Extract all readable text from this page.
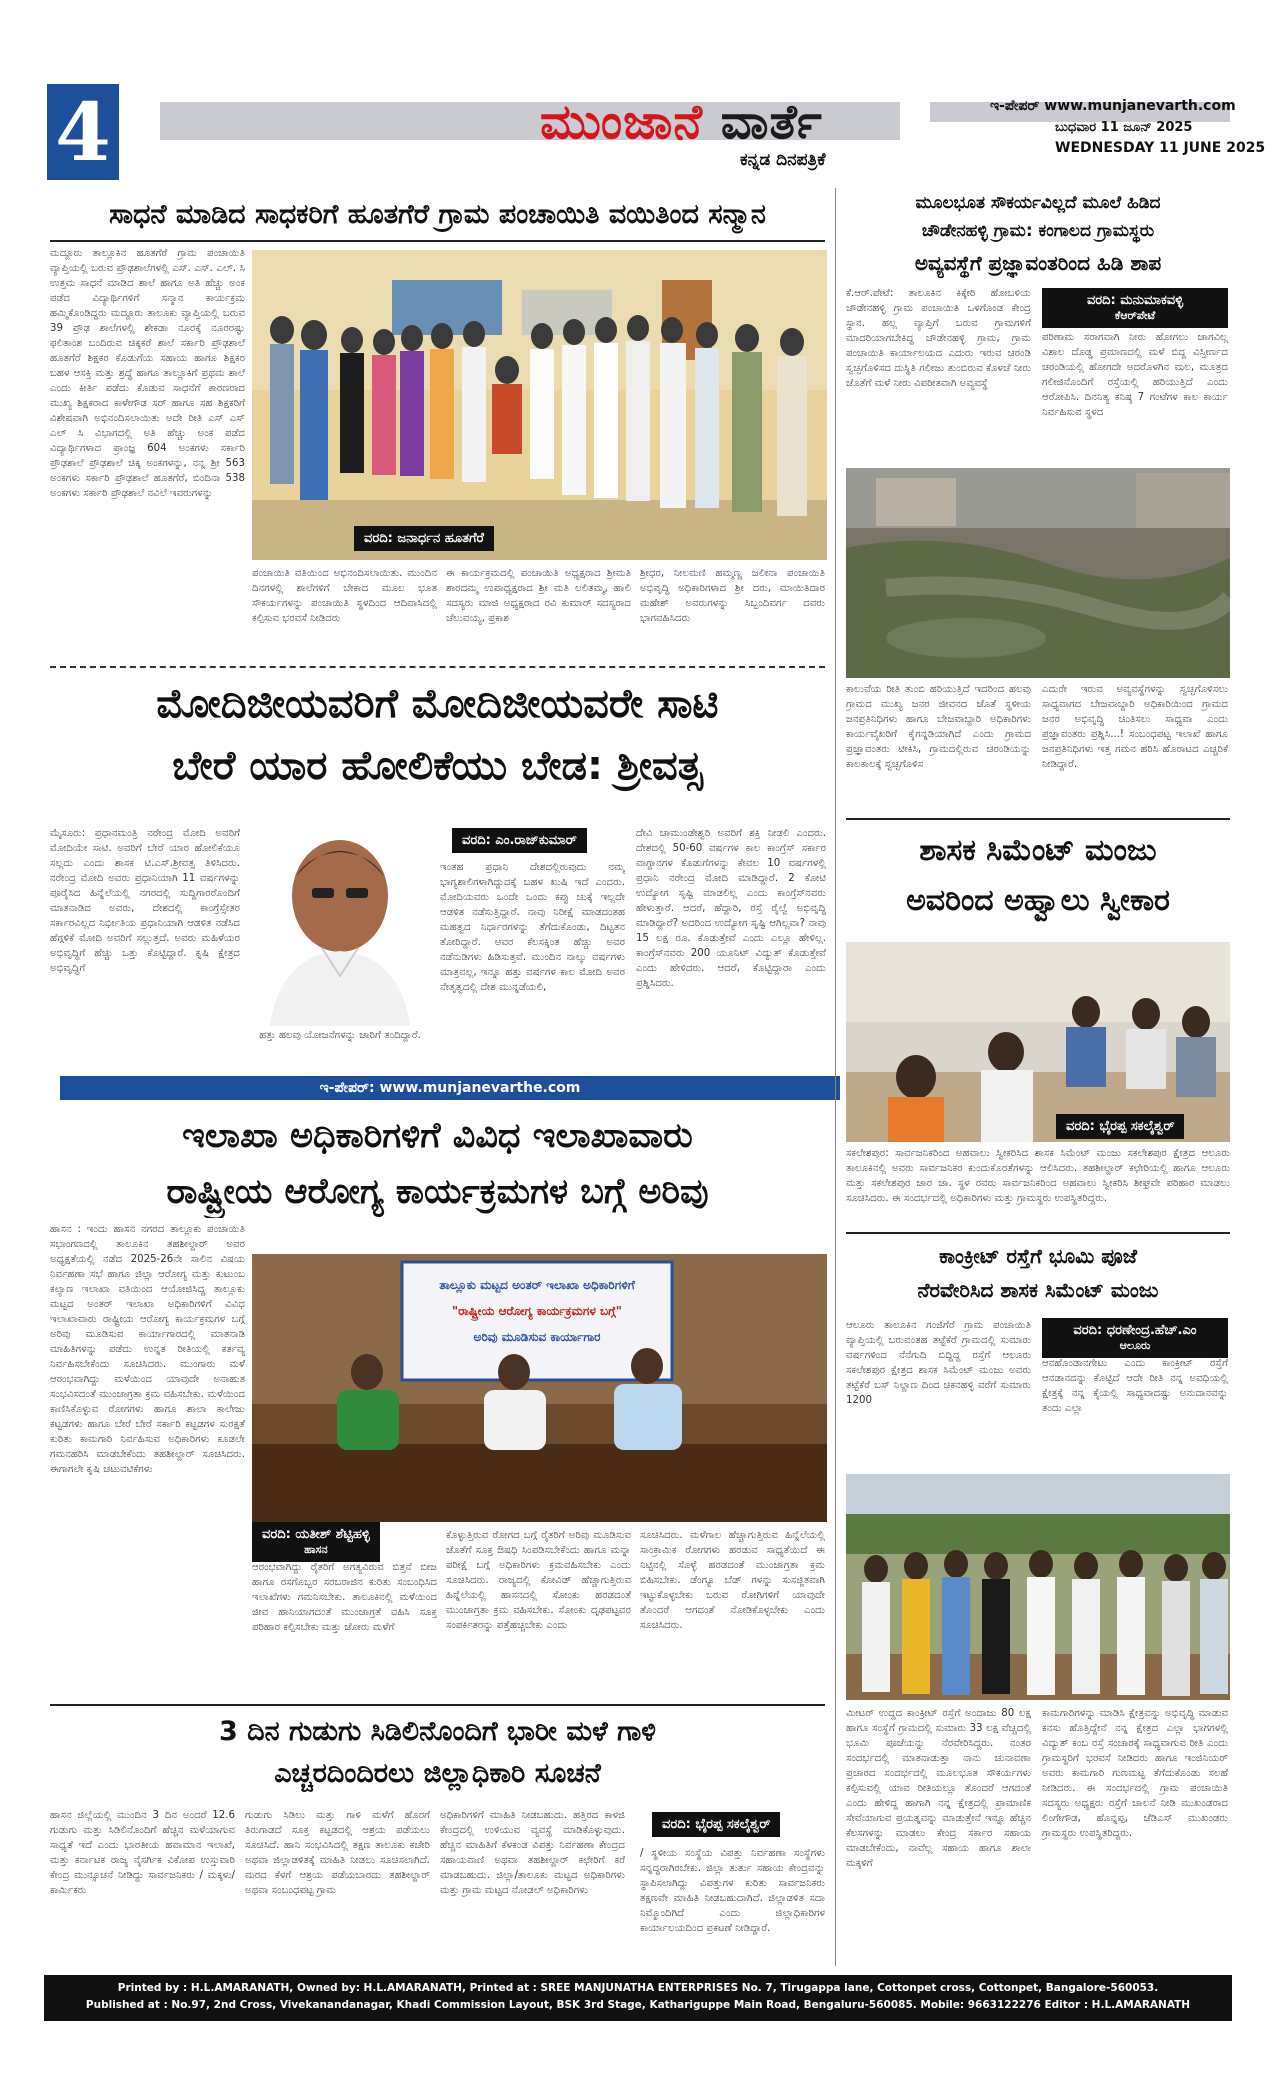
4	ಮುಂಜಾನೆ ವಾರ್ತೆ
ಕನ್ನಡ ದಿನಪತ್ರಿಕೆ
ಇ-ಪೇಪರ್ www.munjanevarth.com
ಬುಧವಾರ 11 ಜೂನ್ 2025
WEDNESDAY 11 JUNE 2025
ಸಾಧನೆ ಮಾಡಿದ ಸಾಧಕರಿಗೆ ಹೂತಗೆರೆ ಗ್ರಾಮ ಪಂಚಾಯಿತಿ ವಯಿತಿಂದ ಸನ್ಮಾನ
ಮದ್ದೂರು ತಾಲ್ಲೂಕಿನ ಹೂತಗೆರೆ ಗ್ರಾಮ ಪಂಚಾಯಿತಿ ವ್ಯಾಪ್ತಿಯಲ್ಲಿ ಬರುವ ಪ್ರೌಢಶಾಲೆಗಳಲ್ಲಿ ಎಸ್. ಎಸ್. ಎಲ್. ಸಿ ಉತ್ತಮ ಸಾಧನೆ ಮಾಡಿದ ಶಾಲೆ ಹಾಗೂ ಅತಿ ಹೆಚ್ಚು ಅಂಕ ಪಡೆದ ವಿದ್ಯಾರ್ಥಿಗಳಿಗೆ ಸನ್ಮಾನ ಕಾರ್ಯಕ್ರಮ ಹಮ್ಮಿಕೊಂಡಿದ್ದರು ಮದ್ದೂರು ತಾಲೂಕು ವ್ಯಾಪ್ತಿಯಲ್ಲಿ ಬರುವ 39 ಪ್ರೌಢ ಶಾಲೆಗಳಲ್ಲಿ ಶೇಕಡಾ ನೂರಕ್ಕೆ ನೂರರಷ್ಟು ಫಲಿತಾಂಶ ಬಂದಿರುವ ಚಿಕ್ಕಕರೆ ಶಾಲೆ ಸರ್ಕಾರಿ ಪ್ರೌಢಶಾಲೆ ಹೂತಗೆರೆ ಶಿಕ್ಷಕರ ಕೊಡುಗೆಯ ಸಹಾಯ ಹಾಗೂ ಶಿಕ್ಷಕರ ಬಹಳ ಆಸಕ್ತಿ ಮತ್ತು ಶ್ರದ್ಧೆ ಹಾಗೂ ತಾಲ್ಲೂಕಿಗೆ ಪ್ರಥಮ ಶಾಲೆ ಎಂದು ಕೀರ್ತಿ ಪಡೆದು ಕೊಡುವ ಸಾಧನೆಗೆ ಕಾರಣರಾದ ಮುಖ್ಯ ಶಿಕ್ಷಕರಾದ ಕಾಳೇಗೌಡ ಸರ್ ಹಾಗೂ ಸಹ ಶಿಕ್ಷಕರಿಗೆ ವಿಶೇಷವಾಗಿ ಅಭಿನಂದಿಸಲಾಯಿತು ಅದೇ ರೀತಿ ಎಸ್ ಎಸ್ ಎಲ್ ಸಿ ವಿಭಾಗದಲ್ಲಿ ಅತಿ ಹೆಚ್ಚು ಅಂಕ ಪಡೆದ ವಿದ್ಯಾರ್ಥಿಗಳಾದ ಪ್ರಾಂಜ್ಞ 604 ಅಂಕಗಳು ಸರ್ಕಾರಿ ಪ್ರೌಢಶಾಲೆ ಪ್ರೌಢಶಾಲೆ ಚಿಕ್ಕ ಅಂಕಗಳನ್ನು, ನನ್ನ ಶ್ರೀ 563 ಅಂಕಗಳು ಸರ್ಕಾರಿ ಪ್ರೌಢಶಾಲೆ ಹೂತಗೆರೆ, ಬಿಂದಿನಾ 538 ಅಂಕಗಳು ಸರ್ಕಾರಿ ಪ್ರೌಢಶಾಲೆ ನವಿಲೆ ಇವರುಗಳನ್ನು
ವರದಿ: ಜನಾರ್ಧನ ಹೂತಗೆರೆ
ಪಂಚಾಯಿತಿ ವತಿಯಿಂದ ಅಭಿನಂದಿಸಲಾಯಿತು. ಮುಂದಿನ ದಿನಗಳಲ್ಲಿ ಶಾಲೆಗಳಿಗೆ ಬೇಕಾದ ಮೂಲ ಭೂತ ಸೌಕರ್ಯಗಳನ್ನು ಪಂಚಾಯಿತಿ ಸ್ಥಳದಿಂದ ಆದಿವಾಸಿದಲ್ಲಿ ಕಲ್ಪಿಸುವ ಭರವಸೆ ನೀಡಿದರು
ಈ ಕಾರ್ಯಕ್ರಮದಲ್ಲಿ ಪಂಚಾಯಿತಿ ಅಧ್ಯಕ್ಷರಾದ ಶ್ರೀಮತಿ ಶಾರದಮ್ಮ ಉಪಾಧ್ಯಕ್ಷರಾದ ಶ್ರೀ ಮತಿ ಲಲಿತಮ್ಮ, ಹಾಲಿ ಸದಸ್ಯರು ಮಾಜಿ ಅಧ್ಯಕ್ಷರಾದ ರವಿ ಕುಮಾರ್ ಸದಸ್ಯರಾದ ಚೆಲುವಯ್ಯ, ಪ್ರಕಾಶ
ಶ್ರೀಧರ, ನೀಲಮಣಿ ಹಮ್ಮಣ್ಣ ಜಲೀನಾ ಪಂಚಾಯಿತಿ ಅಭಿವೃದ್ಧಿ ಅಧಿಕಾರಿಗಳಾದ ಶ್ರೀ ದರು, ಮಾಯಿತಿದಾರ ಮಹೇಶ್ ಅವರುಗಳನ್ನು ಸಿಬ್ಬಂದಿವರ್ಗ ದವರು ಭಾಗವಹಿಸಿದರು
ಮೋದಿಜೀಯವರಿಗೆ ಮೋದಿಜೀಯವರೇ ಸಾಟಿ
ಬೇರೆ ಯಾರ ಹೋಲಿಕೆಯು ಬೇಡ: ಶ್ರೀವತ್ಸ
ಮೈಸೂರು: ಪ್ರಧಾನಮಂತ್ರಿ ನರೇಂದ್ರ ಮೋದಿ ಅವರಿಗೆ ಮೋದಿಯೇ ಸಾಟಿ. ಅವರಿಗೆ ಬೇರೆ ಯಾರ ಹೋಲಿಕೆಯೂ ಸಲ್ಲದು ಎಂದು ಶಾಸಕ ಟಿ.ಎಸ್.ಶ್ರೀವತ್ಸ ತಿಳಿಸಿದರು. ನರೇಂದ್ರ ಮೋದಿ ಅವರು ಪ್ರಧಾನಿಯಾಗಿ 11 ವರ್ಷಗಳನ್ನು ಪೂರೈಸಿದ ಹಿನ್ನೆಲೆಯಲ್ಲಿ ನಗರದಲ್ಲಿ ಸುದ್ದಿಗಾರರೊಂದಿಗೆ ಮಾತನಾಡಿದ ಅವರು, ದೇಶದಲ್ಲಿ ಕಾಂಗ್ರೆಸ್ಸೇತರ ಸರ್ಕಾರವಿಲ್ಲದ ನಿರ್ಭೀತಿಯ ಪ್ರಧಾನಿಯಾಗಿ ಆಡಳಿತ ನಡೆಸಿದ ಹೆಗ್ಗಳಿಕೆ ಮೋದಿ ಅವರಿಗೆ ಸಲ್ಲುತ್ತದೆ. ಅವರು ಮಹಿಳೆಯರ ಅಭಿವೃದ್ಧಿಗೆ ಹೆಚ್ಚು ಒತ್ತು ಕೊಟ್ಟಿದ್ದಾರೆ. ಕೃಷಿ ಕ್ಷೇತ್ರದ ಅಭಿವೃದ್ಧಿಗೆ
ಹತ್ತು ಹಲವು ಯೋಜನೆಗಳನ್ನು ಜಾರಿಗೆ ತಂದಿದ್ದಾರೆ.
ವರದಿ: ಎಂ.ರಾಜ್‌ಕುಮಾರ್
ಇಂತಹ ಪ್ರಧಾನಿ ದೇಶದಲ್ಲಿರುವುದು ನಮ್ಮ ಭಾಗ್ಯಶಾಲಿಗಳಾಗಿದ್ದುದಕ್ಕೆ ಬಹಳ ಖುಷಿ ಇದೆ ಎಂದರು. ಮೋದಿಯವರು ಒಂದೇ ಒಂದು ಕಪ್ಪು ಚುಕ್ಕೆ ಇಲ್ಲದೇ ಆಡಳಿತ ನಡೆಸುತ್ತಿದ್ದಾರೆ. ನಾವು ನಿರೀಕ್ಷೆ ಮಾಡದಂತಹ ಮಹತ್ವದ ನಿರ್ಧಾರಗಳನ್ನು ತೆಗೆದುಕೊಂಡು, ದಿಟ್ಟತನ ತೋರಿದ್ದಾರೆ. ಅವರ ಕೆಲಸಕ್ಕಿಂತ ಹೆಚ್ಚು ಅವರ ನಡೆನುಡಿಗಳು ಹಿಡಿಸುತ್ತವೆ. ಮುಂದಿನ ನಾಲ್ಕು ವರ್ಷಗಳು ಮಾತ್ರವಲ್ಲ, ಇನ್ನೂ ಹತ್ತು ವರ್ಷಗಳ ಕಾಲ ಮೋದಿ ಅವರ ನೇತೃತ್ವದಲ್ಲಿ ದೇಶ ಮುನ್ನಡೆಯಲಿ,
ದೇವಿ ಚಾಮುಂಡೇಶ್ವರಿ ಅವರಿಗೆ ಶಕ್ತಿ ನೀಡಲಿ ಎಂದರು. ದೇಶದಲ್ಲಿ 50-60 ವರ್ಷಗಳ ಕಾಲ ಕಾಂಗ್ರೆಸ್ ಸರ್ಕಾರ ವಾಗ್ದಾನಗಳ ಕೊಡುಗೆಗಳನ್ನು ಕೇವಲ 10 ವರ್ಷಗಳಲ್ಲಿ ಪ್ರಧಾನಿ ನರೇಂದ್ರ ಮೋದಿ ಮಾಡಿದ್ದಾರೆ. 2 ಕೋಟಿ ಉದ್ಯೋಗ ಸೃಷ್ಟಿ ಮಾಡಲಿಲ್ಲ ಎಂದು ಕಾಂಗ್ರೆಸ್‌ನವರು ಹೇಳುತ್ತಾರೆ. ಆದರೆ, ಹೆದ್ದಾರಿ, ರಸ್ತೆ ರೈಲ್ವೆ ಅಭಿವೃದ್ಧಿ ಮಾಡಿದ್ದಾರೆ? ಅದರಿಂದ ಉದ್ಯೋಗ ಸೃಷ್ಟಿ ಆಗಿಲ್ಲವಾ? ನಾವು 15 ಲಕ್ಷ ರೂ. ಕೊಡುತ್ತೇವೆ ಎಂದು ಎಲ್ಲೂ ಹೇಳಿಲ್ಲ. ಕಾಂಗ್ರೆಸ್‌ನವರು 200 ಯೂನಿಟ್ ವಿದ್ಯುತ್ ಕೊಡುತ್ತೇವೆ ಎಂದು ಹೇಳಿದರು. ಆದರೆ, ಕೊಟ್ಟಿದ್ದಾರಾ ಎಂದು ಪ್ರಶ್ನಿಸಿದರು.
ಇ-ಪೇಪರ್: www.munjanevarthe.com
ಇಲಾಖಾ ಅಧಿಕಾರಿಗಳಿಗೆ ವಿವಿಧ ಇಲಾಖಾವಾರು
ರಾಷ್ಟ್ರೀಯ ಆರೋಗ್ಯ ಕಾರ್ಯಕ್ರಮಗಳ ಬಗ್ಗೆ ಅರಿವು
ಹಾಸನ : ಇಂದು ಹಾಸನ ನಗರದ ತಾಲ್ಲೂಕು ಪಂಚಾಯಿತಿ ಸಭಾಂಗಣದಲ್ಲಿ ತಾಲೂಕಿನ ತಹಶೀಲ್ದಾರ್ ಅವರ ಅಧ್ಯಕ್ಷತೆಯಲ್ಲಿ ನಡೆದ 2025-26ನೇ ಸಾಲಿನ ವಿಷಯ ನಿರ್ವಹಣಾ ಸಭೆ ಹಾಗೂ ಜಿಲ್ಲಾ ಆರೋಗ್ಯ ಮತ್ತು ಕುಟುಂಬ ಕಲ್ಯಾಣ ಇಲಾಖಾ ವತಿಯಿಂದ ಆಯೋಜಿಸಿದ್ದ ತಾಲ್ಲೂಕು ಮಟ್ಟದ ಅಂತರ್ ಇಲಾಖಾ ಅಧಿಕಾರಿಗಳಿಗೆ ವಿವಿಧ ಇಲಾಖಾವಾರು ರಾಷ್ಟ್ರೀಯ ಆರೋಗ್ಯ ಕಾರ್ಯಕ್ರಮಗಳ ಬಗ್ಗೆ ಅರಿವು ಮೂಡಿಸುವ ಕಾರ್ಯಾಗಾರದಲ್ಲಿ ಮಾತನಾಡಿ ಮಾಹಿತಿಗಳನ್ನು ಪಡೆದು ಉನ್ನತ ರೀತಿಯಲ್ಲಿ ಕರ್ತವ್ಯ ನಿರ್ವಹಿಸಬೇಕೆಂದು ಸೂಚಿಸಿದರು. ಮುಂಗಾರು ಮಳೆ ಆರಂಭವಾಗಿದ್ದು ಮಳೆಯಿಂದ ಯಾವುದೇ ಅನಾಹುತ ಸಂಭವಿಸದಂತೆ ಮುಂಜಾಗ್ರತಾ ಕ್ರಮ ವಹಿಸಬೇಕು. ಮಳೆಯಿಂದ ಕಾಣಿಸಿಕೊಳ್ಳುವ ರೋಗಗಳು ಹಾಗೂ ಶಾಲಾ ಕಾಲೇಜು ಕಟ್ಟಡಗಳು ಹಾಗೂ ಬೇರೆ ಬೇರೆ ಸರ್ಕಾರಿ ಕಟ್ಟಡಗಳ ಸುರಕ್ಷತೆ ಕುರಿತು ಕಾಮಗಾರಿ ನಿರ್ವಹಿಸುವ ಅಧಿಕಾರಿಗಳು ಕೂಡಲೇ ಗಮನಹರಿಸಿ ಮಾಡಬೇಕೆಂದು ತಹಶೀಲ್ದಾರ್ ಸೂಚಿಸಿದರು. ಈಗಾಗಲೇ ಕೃಷಿ ಚಟುವಟಿಕೆಗಳು
ತಾಲ್ಲೂಕು ಮಟ್ಟದ ಅಂತರ್ ಇಲಾಖಾ ಅಧಿಕಾರಿಗಳಿಗೆ
"ರಾಷ್ಟ್ರೀಯ ಆರೋಗ್ಯ ಕಾರ್ಯಕ್ರಮಗಳ ಬಗ್ಗೆ"
ಅರಿವು ಮೂಡಿಸುವ ಕಾರ್ಯಾಗಾರ
ವರದಿ: ಯತೀಶ್ ಶೆಟ್ಟಿಹಳ್ಳಿ
ಹಾಸನ
ಆರಂಭವಾಗಿದ್ದು ರೈತರಿಗೆ ಅಗತ್ಯವಿರುವ ಬಿತ್ತನೆ ಬೀಜ ಹಾಗೂ ರಸಗೊಬ್ಬರ ಸರಬರಾಜಿನ ಕುರಿತು ಸಂಬಂಧಿಸಿದ ಇಲಾಖೆಗಳು ಗಮನಿಸಬೇಕು. ತಾಲೂಕಿನಲ್ಲಿ ಮಳೆಯಿಂದ ಜೀವ ಹಾನಿಯಾಗದಂತೆ ಮುಂಜಾಗ್ರತೆ ವಹಿಸಿ ಸೂಕ್ತ ಪರಿಹಾರ ಕಲ್ಪಿಸಬೇಕು ಮತ್ತು ಜೋರು ಮಳೆಗೆ
ಕೊಳ್ಳುತ್ತಿರುವ ರೋಗದ ಬಗ್ಗೆ ರೈತರಿಗೆ ಅರಿವು ಮೂಡಿಸುವ ಜೊತೆಗೆ ಸೂಕ್ತ ಔಷಧಿ ಸಿಂಪಡಿಸಬೇಕೆಂದು ಹಾಗೂ ಮನ್ನಾ ಪರೀಕ್ಷೆ ಬಗ್ಗೆ ಅಧಿಕಾರಿಗಳು ಕ್ರಮವಹಿಸಬೇಕು ಎಂದು ಸೂಚಿಸಿದರು. ರಾಜ್ಯದಲ್ಲಿ ಕೋವಿಡ್ ಹೆಚ್ಚಾಗುತ್ತಿರುವ ಹಿನ್ನೆಲೆಯಲ್ಲಿ ಹಾಸನದಲ್ಲಿ ಸೋಂಕು ಹರಡದಂತೆ ಮುಂಜಾಗ್ರತಾ ಕ್ರಮ ವಹಿಸಬೇಕು. ಸೋಂಕು ದೃಢಪಟ್ಟವರ ಸಂಪರ್ಕಿತರನ್ನು ಪತ್ತೆಹಚ್ಚಬೇಕು ಎಂದು
ಸೂಚಿಸಿದರು. ಮಳೆಗಾಲ ಹೆಚ್ಚಾಗುತ್ತಿರುವ ಹಿನ್ನೆಲೆಯಲ್ಲಿ ಸಾಂಕ್ರಾಮಿಕ ರೋಗಗಳು ಹರಡುವ ಸಾಧ್ಯತೆಯಿದೆ ಈ ನಿಟ್ಟಿನಲ್ಲಿ ಸೊಳ್ಳೆ ಹರಡದಂತೆ ಮುಂಜಾಗ್ರತಾ ಕ್ರಮ ಬಿಹಿಸಬೇಕು. ಡೆಂಗ್ಯೂ ಬೆಡ್ ಗಳನ್ನು ಸುಸಜ್ಜಿತವಾಗಿ ಇಟ್ಟುಕೊಳ್ಳಬೇಕು ಬರುವ ರೋಗಿಗಳಿಗೆ ಯಾವುದೇ ತೊಂದರೆ ಆಗದಂತೆ ನೋಡಿಕೊಳ್ಳಬೇಕು ಎಂದು ಸೂಚಿಸಿದರು.
3 ದಿನ ಗುಡುಗು ಸಿಡಿಲಿನೊಂದಿಗೆ ಭಾರೀ ಮಳೆ ಗಾಳಿ
ಎಚ್ಚರದಿಂದಿರಲು ಜಿಲ್ಲಾಧಿಕಾರಿ ಸೂಚನೆ
ಹಾಸನ ಜಿಲ್ಲೆಯಲ್ಲಿ ಮುಂದಿನ 3 ದಿನ ಅಂದರೆ 12.6 ಗುಡುಗು ಮತ್ತು ಸಿಡಿಲಿನೊಂದಿಗೆ ಹೆಚ್ಚಿನ ಮಳೆಯಾಗುವ ಸಾಧ್ಯತೆ ಇದೆ ಎಂದು ಭಾರತೀಯ ಹವಾಮಾನ ಇಲಾಖೆ, ಮತ್ತು ಕರ್ನಾಟಕ ರಾಜ್ಯ ನೈಸರ್ಗಿಕ ವಿಕೋಪ ಉಸ್ತುವಾರಿ ಕೇಂದ್ರ ಮುನ್ಸೂಚನೆ ನೀಡಿದ್ದು ಸಾರ್ವಜನಿಕರು / ಮಕ್ಕಳು/ಕಾರ್ಮಿಕರು
ಗುಡುಗು ಸಿಡಿಲು ಮತ್ತು ಗಾಳಿ ಮಳೆಗೆ ಹೊರಗೆ ತಿರುಗಾಡದೆ ಸೂಕ್ತ ಕಟ್ಟಡದಲ್ಲಿ ಆಶ್ರಯ ಪಡೆಯಲು ಸೂಚಿಸಿದೆ. ಹಾನಿ ಸಂಭವಿಸಿದಲ್ಲಿ ತಕ್ಷಣ ತಾಲೂಕು ಕಚೇರಿ ಅಥವಾ ಜಿಲ್ಲಾಡಳಿತಕ್ಕೆ ಮಾಹಿತಿ ನೀಡಲು ಸೂಚಿಸಲಾಗಿದೆ. ಮರದ ಕೆಳಗೆ ಆಶ್ರಯ ಪಡೆಯಬಾರದು ತಹಶೀಲ್ದಾರ್ ಅಥವಾ ಸಂಬಂಧಪಟ್ಟ ಗ್ರಾಮ
ವರದಿ: ಭೈರಪ್ಪ ಸಕಲೈಶ್ವರ್
ಅಧಿಕಾರಿಗಳಿಗೆ ಮಾಹಿತಿ ನೀಡಬಹುದು. ಹತ್ತಿರದ ಕಾಳಜಿ ಕೇಂದ್ರದಲ್ಲಿ ಉಳಿಯುವ ವ್ಯವಸ್ಥೆ ಮಾಡಿಕೊಳ್ಳುವುದು. ಹೆಚ್ಚಿನ ಮಾಹಿತಿಗೆ ಕೆಳಕಂಡ ವಿಪತ್ತು ನಿರ್ವಹಣಾ ಕೇಂದ್ರದ ಸಹಾಯವಾಣಿ ಅಥವಾ ತಹಶೀಲ್ದಾರ್ ಕಛೇರಿಗೆ ಕರೆ ಮಾಡಬಹುದು. ಜಿಲ್ಲಾ/ತಾಲೂಕು ಮಟ್ಟದ ಅಧಿಕಾರಿಗಳು ಮತ್ತು ಗ್ರಾಮ ಮಟ್ಟದ ನೋಡಲ್ ಅಧಿಕಾರಿಗಳು
/ ಸ್ಥಳೀಯ ಸಂಸ್ಥೆಯ ವಿಪತ್ತು ನಿರ್ವಹಣಾ ಸಂಸ್ಥೆಗಳು ಸನ್ನದ್ಧರಾಗಿರಬೇಕು. ಜಿಲ್ಲಾ ತುರ್ತು ಸಹಾಯ ಕೇಂದ್ರವನ್ನು ಸ್ಥಾಪಿಸಲಾಗಿದ್ದು ವಿಪತ್ತುಗಳ ಕುರಿತು ಸಾರ್ವಜನಿಕರು ತಕ್ಷಣವೇ ಮಾಹಿತಿ ನೀಡಬಹುದಾಗಿದೆ. ಜಿಲ್ಲಾಡಳಿತ ಸದಾ ನಿಮ್ಮೊಂದಿಗಿದೆ ಎಂದು ಜಿಲ್ಲಾಧಿಕಾರಿಗಳ ಕಾರ್ಯಾಲಯದಿಂದ ಪ್ರಕಟಣೆ ನೀಡಿದ್ದಾರೆ.
ಮೂಲಭೂತ ಸೌಕರ್ಯವಿಲ್ಲದೆ ಮೂಲೆ ಹಿಡಿದ
ಚೌಡೇನಹಳ್ಳಿ ಗ್ರಾಮ: ಕಂಗಾಲದ ಗ್ರಾಮಸ್ಥರು
ಅವ್ಯವಸ್ಥೆಗೆ ಪ್ರಜ್ಞಾವಂತರಿಂದ ಹಿಡಿ ಶಾಪ
ಕೆ.ಆರ್.ಪೇಟೆ: ತಾಲೂಕಿನ ಕಿಕ್ಕೇರಿ ಹೋಬಳಿಯ ಚೌಡೇನಹಳ್ಳಿ ಗ್ರಾಮ ಪಂಚಾಯಿತಿ ಒಳಗೊಂಡ ಕೇಂದ್ರ ಸ್ಥಾನ. ಹಲ್ಲ ವ್ಯಾಪ್ತಿಗೆ ಬರುವ ಗ್ರಾಮಗಳಿಗೆ ಮಾದರಿಯಾಗಬೇಕಿದ್ದ ಚೌಡೇನಹಳ್ಳಿ ಗ್ರಾಮ, ಗ್ರಾಮ ಪಂಚಾಯಿತಿ ಕಾರ್ಯಾಲಯದ ಎದುರು ಇರುವ ಚರಂಡಿ ಸ್ವಚ್ಛಗೊಳಿಸದ ದುಸ್ಥಿತಿ ಗಲೀಜು ತುಂಬಿರುವ ಕೊಳಚೆ ನೀರು ಜೊತೆಗೆ ಮಳೆ ನೀರು ವಿಪರೀತವಾಗಿ ಅವ್ಯವಸ್ಥೆ
ವರದಿ: ಮನುಮಾಕವಳ್ಳಿ
ಕೆಆರ್‌ಪೇಟೆ
ಪರಿಣಾಮ ಸರಾಗವಾಗಿ ನೀರು ಹೋಗಲು ಜಾಗವಿಲ್ಲ ವಿಶಾಲ ದೊಡ್ಡ ಪ್ರಮಾಣದಲ್ಲಿ ಮಳೆ ಬಿದ್ದ ವಿಸ್ತೀರ್ಣದ ಚರಂಡಿಯಲ್ಲಿ ಹೋಗದೇ ಅದರೊಳಗಿನ ಮಲ, ಮೂತ್ರದ ಗಲೀಜಿನೊಂದಿಗೆ ರಸ್ತೆಯಲ್ಲಿ ಹರಿಯುತ್ತಿದೆ ಎಂದು ಆರೋಪಿಸಿ. ದಿನನಿತ್ಯ ಕನಿಷ್ಠ 7 ಗಂಟೆಗಳ ಕಾಲ ಕಾರ್ಯ ನಿರ್ವಹಿಸುವ ಸ್ಥಳದ
ಕಾಲುವೆಯ ರೀತಿ ತುಂಬಿ ಹರಿಯುತ್ತಿದೆ ಇದರಿಂದ ಹಲವು ಗ್ರಾಮದ ಮುಖ್ಯ ಜನರ ಜೀವನದ ಜೊತೆ ಸ್ಥಳೀಯ ಜನಪ್ರತಿನಿಧಿಗಳು ಹಾಗೂ ಬೇಜವಾಬ್ದಾರಿ ಅಧಿಕಾರಿಗಳು ಕಾರ್ಯವೈಖರಿಗೆ ಕೈಗನ್ನಡಿಯಾಗಿದೆ ಎಂದು ಗ್ರಾಮದ ಪ್ರಜ್ಞಾವಂತರು ಟೀಕಿಸಿ, ಗ್ರಾಮದಲ್ಲಿರುವ ಚರಂಡಿಯನ್ನು ಕಾಲಕಾಲಕ್ಕೆ ಸ್ವಚ್ಛಗೊಳಿಸ
ಎದುರೇ ಇರುವ ಅವ್ಯವಸ್ಥೆಗಳನ್ನು ಸ್ವಚ್ಛಗೊಳಿಸಲು ಸಾಧ್ಯವಾಗದ ಬೇಜವಾಬ್ದಾರಿ ಅಧಿಕಾರಿಯಿಂದ ಗ್ರಾಮದ ಜನರ ಅಭಿವೃದ್ಧಿ ಚಿಂತಿಸಲು ಸಾಧ್ಯವಾ ಎಂದು ಪ್ರಜ್ಞಾವಂತರು ಪ್ರಶ್ನಿಸಿ...! ಸಂಬಂಧಪಟ್ಟ ಇಲಾಖೆ ಹಾಗೂ ಜನಪ್ರತಿನಿಧಿಗಳು ಇತ್ತ ಗಮನ ಹರಿಸಿ ಹೊರಾಟದ ಎಚ್ಚರಿಕೆ ನೀಡಿದ್ದಾರೆ.
ಶಾಸಕ ಸಿಮೆಂಟ್ ಮಂಜು
ಅವರಿಂದ ಅಹ್ವಾಲು ಸ್ವೀಕಾರ
ವರದಿ: ಭೈರಪ್ಪ ಸಕಲೈಶ್ವರ್
ಸಕಲೇಶಪುರ: ಸಾರ್ವಜನಿಕರಿಂದ ಅಹವಾಲು ಸ್ವೀಕರಿಸಿದ ಶಾಸಕ ಸಿಮೆಂಟ್ ಮಂಜು ಸಕಲೇಶಪುರ ಕ್ಷೇತ್ರದ ಆಲೂರು ತಾಲೂಕಿನಲ್ಲಿ ಅವರು ಸಾರ್ವಜನಿಕರ ಕುಂದುಕೊರತೆಗಳನ್ನು ಆಲಿಸಿದರು. ತಹಶೀಲ್ದಾರ್ ಕಛೇರಿಯಲ್ಲಿ ಹಾಗೂ ಆಲೂರು ಮತ್ತು ಸಕಲೇಶಪುರ ಜಾರ ಜಾ. ಸ್ಥಳ ರವರು ಸಾರ್ವಜನಿಕರಿಂದ ಅಹವಾಲು ಸ್ವೀಕರಿಸಿ ಶೀಘ್ರವೇ ಪರಿಹಾರ ಮಾಡಲು ಸೂಚಿಸಿದರು. ಈ ಸಂದರ್ಭದಲ್ಲಿ ಅಧಿಕಾರಿಗಳು ಮತ್ತು ಗ್ರಾಮಸ್ಥರು ಉಪಸ್ಥಿತರಿದ್ದರು.
ಕಾಂಕ್ರೀಟ್ ರಸ್ತೆಗೆ ಭೂಮಿ ಪೂಜೆ
ನೆರವೇರಿಸಿದ ಶಾಸಕ ಸಿಮೆಂಟ್ ಮಂಜು
ಆಲೂರು ತಾಲೂಕಿನ ಗಂಜಿಗೆರೆ ಗ್ರಾಮ ಪಂಚಾಯಿತಿ ವ್ಯಾಪ್ತಿಯಲ್ಲಿ ಬರುವಂತಹ ತಟ್ಟೆಕೆರೆ ಗ್ರಾಮದಲ್ಲಿ ಸುಮಾರು ವರ್ಷಗಳಿಂದ ನೆನೆಗುದಿ ಬಿದ್ದಿದ್ದ ರಸ್ತೆಗೆ ಆಲೂರು ಸಕಲೇಶಪುರ ಕ್ಷೇತ್ರದ ಶಾಸಕ ಸಿಮೆಂಟ್ ಮಂಜು ಅವರು ತಟ್ಟೆಕೆರೆ ಬಸ್ ನಿಲ್ದಾಣ ದಿಂದ ಚಿಕನಹಳ್ಳಿ ವರೆಗೆ ಸುಮಾರು 1200
ವರದಿ: ಧರಣೇಂದ್ರ.ಹೆಚ್.ಎಂ
ಆಲೂರು
ಆನಹೊಂಡಾನಗೇಟು ಎಂದು ಕಾಂಕ್ರೀಟ್ ರಸ್ತೆಗೆ ಆನಡಾನದನ್ನು ಕೊಟ್ಟಿದೆ ಆದೇ ರೀತಿ ನನ್ನ ಅವಧಿಯಲ್ಲಿ ಕ್ಷೇತ್ರಕ್ಕೆ ನನ್ನ ಕೈಯಲ್ಲಿ ಸಾಧ್ಯವಾದಷ್ಟು ಅನುದಾನವನ್ನು ತಂದು ಎಲ್ಲಾ
ಮೀಟರ್ ಉದ್ದದ ಕಾಂಕ್ರೀಟ್ ರಸ್ತೆಗೆ ಅಂದಾಜು 80 ಲಕ್ಷ ಹಾಗೂ ಸಂಸ್ಥೆಗೆ ಗ್ರಾಮದಲ್ಲಿ ಸುಮಾರು 33 ಲಕ್ಷ ವೆಚ್ಚದಲ್ಲಿ ಭೂಮಿ ಪೂಜೆಯನ್ನು ನೆರವೇರಿಸಿದ್ದರು. ನಂತರ ಸಂದರ್ಭದಲ್ಲಿ ಮಾತನಾಡುತ್ತಾ ನಾನು ಚುನಾವಣಾ ಪ್ರಚಾರದ ಸಂದರ್ಭದಲ್ಲಿ ಮೂಲಭೂತ ಸೌಕರ್ಯಗಳು ಕಲ್ಪಿಸುವಲ್ಲಿ ಯಾವ ರೀತಿಯಲ್ಲೂ ತೊಂದರೆ ಆಗದಂತೆ ಎಂದು ಹೇಳಿದ್ದ ಹಾಗಾಗಿ ನನ್ನ ಕ್ಷೇತ್ರದಲ್ಲಿ ಪ್ರಾಮಾಣಿಕ ಸೇವೆಯಾಗುವ ಪ್ರಯತ್ನವನ್ನು ಮಾಡುತ್ತೇನೆ ಇನ್ನೂ ಹೆಚ್ಚಿನ ಕೆಲಸಗಳನ್ನು ಮಾಡಲು ಕೇಂದ್ರ ಸರ್ಕಾರ ಸಹಾಯ ಮಾಡಬೇಕೆಂದು, ನಾವೆಲ್ಲ ಸಹಾಯ ಹಾಗೂ ಶಾಲಾ ಮಕ್ಕಳಿಗೆ
ಕಾಮಗಾರಿಗಳನ್ನು ಮಾಡಿಸಿ ಕ್ಷೇತ್ರವನ್ನು ಅಭಿವೃದ್ಧಿ ಮಾಡುವ ಕನಸು ಹೊತ್ತಿದ್ದೇನೆ ನನ್ನ ಕ್ಷೇತ್ರದ ಎಲ್ಲಾ ಭಾಗಗಳಲ್ಲಿ ವಿದ್ಯುತ್ ಕಂಬ ರಸ್ತೆ ಸಂಚಾರಕ್ಕೆ ಸಾಧ್ಯವಾಗುವ ರೀತಿ ಎಂದು ಗ್ರಾಮಸ್ಥರಿಗೆ ಭರವಸೆ ನೀಡಿದರು ಹಾಗೂ ಇಂಜಿನಿಯರ್ ಅವರು ಕಾಮಗಾರಿ ಗುಣಮಟ್ಟ ತೆಗೆದುಕೊಂಡು ಸಲಹೆ ನೀಡಿದರು. ಈ ಸಂದರ್ಭದಲ್ಲಿ ಗ್ರಾಮ ಪಂಚಾಯಿತಿ ಸದಸ್ಯರು ಅಧ್ಯಕ್ಷರು ರಸ್ತೆಗೆ ಚಾಲನೆ ನೀಡಿ ಮುಖಂಡರಾದ ಲಿಂಗೇಗೌಡ, ಹೊನ್ನಪ್ಪ, ಜೆಡಿಎಸ್ ಮುಖಂಡರು ಗ್ರಾಮಸ್ಥರು ಉಪಸ್ಥಿತರಿದ್ದರು.
Printed by : H.L.AMARANATH, Owned by: H.L.AMARANATH, Printed at : SREE MANJUNATHA ENTERPRISES No. 7, Tirugappa lane, Cottonpet cross, Cottonpet, Bangalore-560053.
Published at : No.97, 2nd Cross, Vivekanandanagar, Khadi Commission Layout, BSK 3rd Stage, Kathariguppe Main Road, Bengaluru-560085. Mobile: 9663122276 Editor : H.L.AMARANATH
